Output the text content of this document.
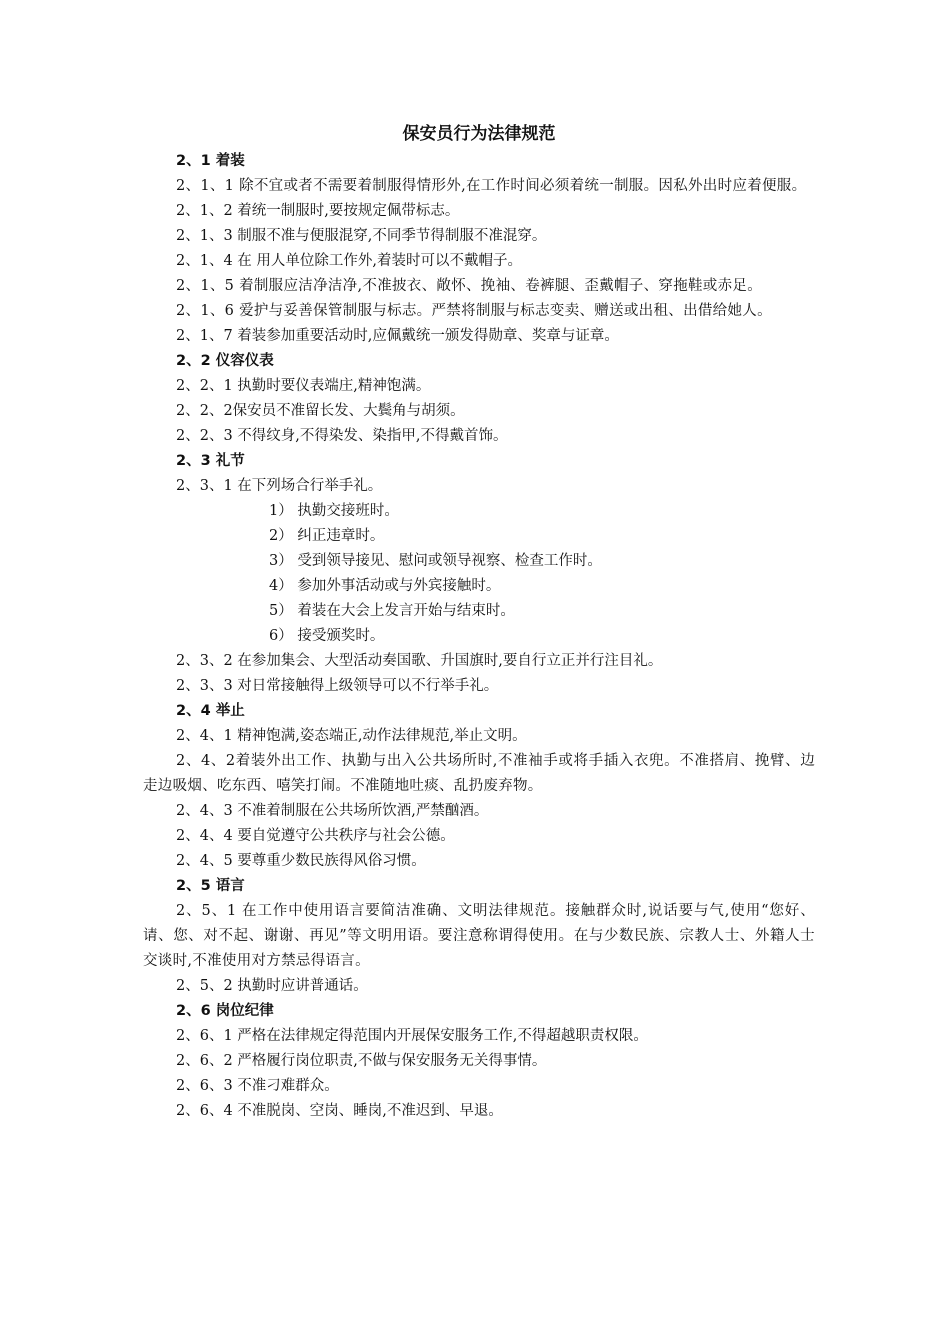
保安员行为法律规范

2、1 着装

2、1、1 除不宜或者不需要着制服得情形外,在工作时间必须着统一制服。因私外出时应着便服。

2、1、2 着统一制服时,要按规定佩带标志。

2、1、3 制服不准与便服混穿,不同季节得制服不准混穿。

2、1、4 在 用人单位除工作外,着装时可以不戴帽子。

2、1、5 着制服应洁净洁净,不准披衣、敞怀、挽袖、卷裤腿、歪戴帽子、穿拖鞋或赤足。

2、1、6 爱护与妥善保管制服与标志。严禁将制服与标志变卖、赠送或出租、出借给她人。

2、1、7 着装参加重要活动时,应佩戴统一颁发得勋章、奖章与证章。

2、2 仪容仪表

2、2、1 执勤时要仪表端庄,精神饱满。

2、2、2保安员不准留长发、大鬓角与胡须。

2、2、3 不得纹身,不得染发、染指甲,不得戴首饰。

2、3 礼节

2、3、1 在下列场合行举手礼。

1） 执勤交接班时。

2） 纠正违章时。

3） 受到领导接见、慰问或领导视察、检查工作时。

4） 参加外事活动或与外宾接触时。

5） 着装在大会上发言开始与结束时。

6） 接受颁奖时。

2、3、2 在参加集会、大型活动奏国歌、升国旗时,要自行立正并行注目礼。

2、3、3 对日常接触得上级领导可以不行举手礼。

2、4 举止

2、4、1 精神饱满,姿态端正,动作法律规范,举止文明。

2、4、2着装外出工作、执勤与出入公共场所时,不准袖手或将手插入衣兜。不准搭肩、挽臂、边走边吸烟、吃东西、嘻笑打闹。不准随地吐痰、乱扔废弃物。

2、4、3 不准着制服在公共场所饮酒,严禁酗酒。

2、4、4 要自觉遵守公共秩序与社会公德。

2、4、5 要尊重少数民族得风俗习惯。

2、5 语言

2、5、1 在工作中使用语言要简洁准确、文明法律规范。接触群众时,说话要与气,使用“您好、请、您、对不起、谢谢、再见”等文明用语。要注意称谓得使用。在与少数民族、宗教人士、外籍人士交谈时,不准使用对方禁忌得语言。

2、5、2 执勤时应讲普通话。

2、6 岗位纪律

2、6、1 严格在法律规定得范围内开展保安服务工作,不得超越职责权限。

2、6、2 严格履行岗位职责,不做与保安服务无关得事情。

2、6、3 不准刁难群众。

2、6、4 不准脱岗、空岗、睡岗,不准迟到、早退。
